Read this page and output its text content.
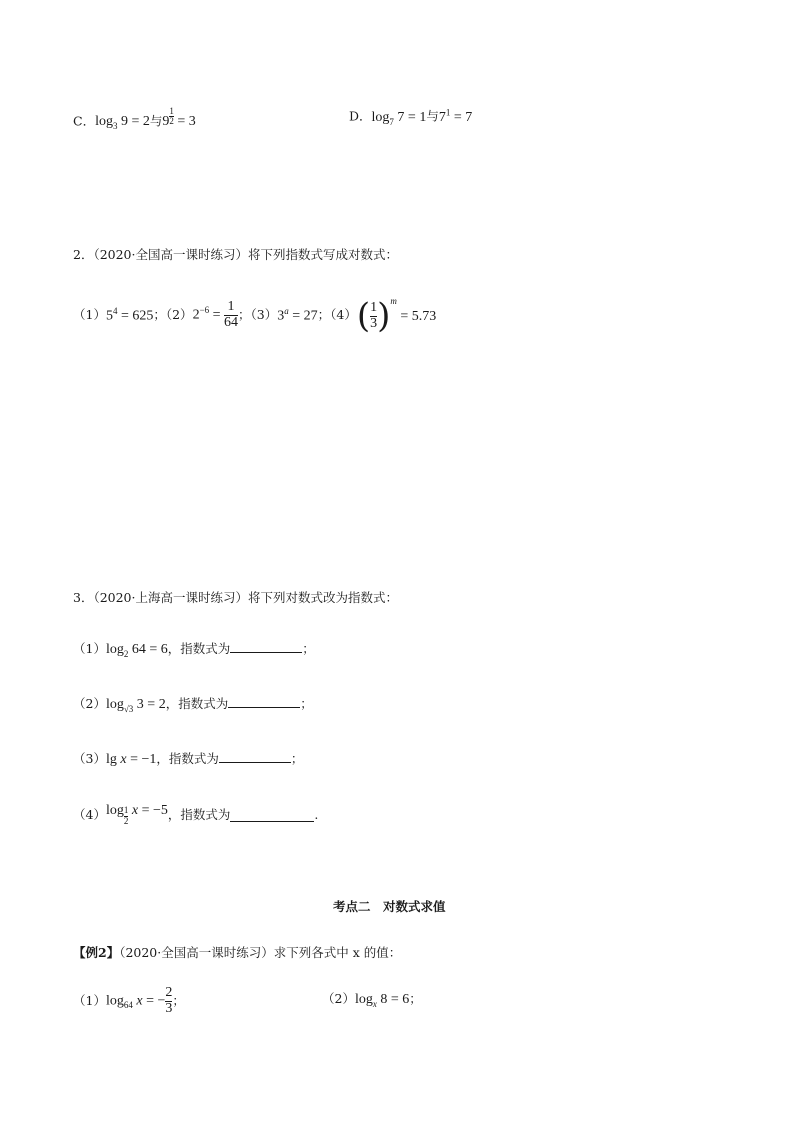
C．$\log_3 9 = 2$与9 $^{\frac{1}{2}}$ = 3	D．$\log_7 7 = 1$与$7^1 = 7$
2．（2020·全国高一课时练习）将下列指数式写成对数式：
（1） $5^4 = 625$ ；（2） $2^{-6} = \frac{1}{64}$ ；（3） $3^a = 27$ ；（4） ( $\frac{1}{3} )^m = 5.73$
3．（2020·上海高一课时练习）将下列对数式改为指数式：
$(1)\log_2$ 64 = 6，指数式为	；
$(2)\log_{√3}$ 3 = 2，指数式为	；
（3）lg x = −1，指数式为	；
（4） $\log \frac{1}{2}$ x = −5 ，指数式为	.
考点二　对数式求值
【例2】（2020·全国高一课时练习）求下列各式中 x 的值：
（1） $\log_{64} x$ = − $\frac{2}{3}$ ；	$(2)\log_x$ 8 = 6；
